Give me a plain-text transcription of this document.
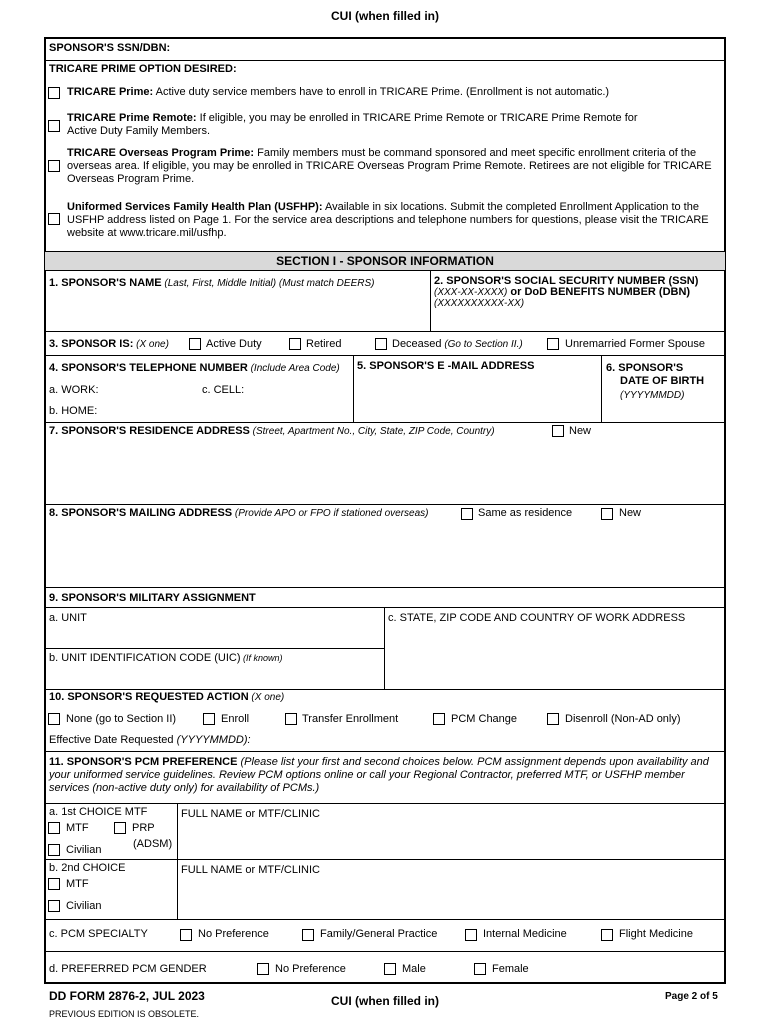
CUI (when filled in)
SPONSOR'S SSN/DBN:
TRICARE PRIME OPTION DESIRED:
TRICARE Prime: Active duty service members have to enroll in TRICARE Prime. (Enrollment is not automatic.)
TRICARE Prime Remote: If eligible, you may be enrolled in TRICARE Prime Remote or TRICARE Prime Remote for Active Duty Family Members.
TRICARE Overseas Program Prime: Family members must be command sponsored and meet specific enrollment criteria of the overseas area. If eligible, you may be enrolled in TRICARE Overseas Program Prime Remote. Retirees are not eligible for TRICARE Overseas Program Prime.
Uniformed Services Family Health Plan (USFHP): Available in six locations. Submit the completed Enrollment Application to the USFHP address listed on Page 1. For the service area descriptions and telephone numbers for questions, please visit the TRICARE website at www.tricare.mil/usfhp.
SECTION I - SPONSOR INFORMATION
1. SPONSOR'S NAME (Last, First, Middle Initial) (Must match DEERS)	2. SPONSOR'S SOCIAL SECURITY NUMBER (SSN)
(XXX-XX-XXXX) or DoD BENEFITS NUMBER (DBN)
(XXXXXXXXXX-XX)
3. SPONSOR IS: (X one)	Active Duty	Retired	Deceased (Go to Section II.)	Unremarried Former Spouse
4. SPONSOR'S TELEPHONE NUMBER (Include Area Code)
a. WORK:	c. CELL:
b. HOME:
5. SPONSOR'S E -MAIL ADDRESS	6. SPONSOR'S
DATE OF BIRTH
(YYYYMMDD)
7. SPONSOR'S RESIDENCE ADDRESS (Street, Apartment No., City, State, ZIP Code, Country)	New
8. SPONSOR'S MAILING ADDRESS (Provide APO or FPO if stationed overseas)	Same as residence	New
9. SPONSOR'S MILITARY ASSIGNMENT
a. UNIT	c. STATE, ZIP CODE AND COUNTRY OF WORK ADDRESS
b. UNIT IDENTIFICATION CODE (UIC) (If known)
10. SPONSOR'S REQUESTED ACTION (X one)
None (go to Section II)	Enroll	Transfer Enrollment	PCM Change	Disenroll (Non-AD only)
Effective Date Requested (YYYYMMDD):
11. SPONSOR'S PCM PREFERENCE (Please list your first and second choices below. PCM assignment depends upon availability and your uniformed service guidelines. Review PCM options online or call your Regional Contractor, preferred MTF, or USFHP member services (non-active duty only) for availability of PCMs.)
a. 1st CHOICE MTF
MTF	PRP
(ADSM)
Civilian
FULL NAME or MTF/CLINIC
b. 2nd CHOICE
MTF
Civilian
FULL NAME or MTF/CLINIC
c. PCM SPECIALTY	No Preference	Family/General Practice	Internal Medicine	Flight Medicine
d. PREFERRED PCM GENDER	No Preference	Male	Female
DD FORM 2876-2, JUL 2023
PREVIOUS EDITION IS OBSOLETE.
CUI (when filled in)	Page 2 of 5
